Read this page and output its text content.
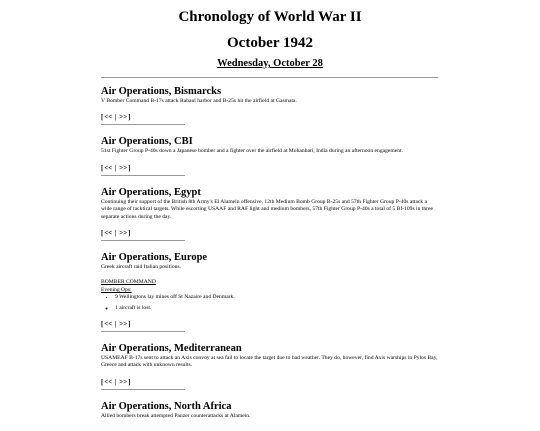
Chronology of World War II
October 1942
Wednesday, October 28
Air Operations, Bismarcks

V Bomber Command B-17s attack Rabaul harbor and B-25s hit the airfield at Gasmata.

[<< | >>]
Air Operations, CBI

51st Fighter Group P-40s down a Japanese bomber and a fighter over the airfield at Mohanbari, India during an afternoon engagement.

[<< | >>]
Air Operations, Egypt

Continuing their support of the British 8th Army's El Alamein offensive, 12th Medium Bomb Group B-25s and 57th Fighter Group P-40s attack a wide range of tacktical targets. While escorting USAAF and RAF light and medium bombers, 57th Fighter Group P-40s a total of 5 Bf-109s in three separate actions during the day.

[<< | >>]
Air Operations, Europe

Greek aircraft raid Italian positions.

BOMBER COMMAND
Evening Ops:
• 9 Wellingtons lay mines off St Nazaire and Denmark.
◦ 1 aircraft is lost.
[<< | >>]
Air Operations, Mediterranean

USAMEAF B-17s sent to attack an Axis convoy at sea fail to locate the target due to bad weather. They do, however, find Axis warships in Pylos Bay, Greece and attack with unknown results.

[<< | >>]
Air Operations, North Africa

Allied bombers break attempted Panzer counterattacks at Alamein.
